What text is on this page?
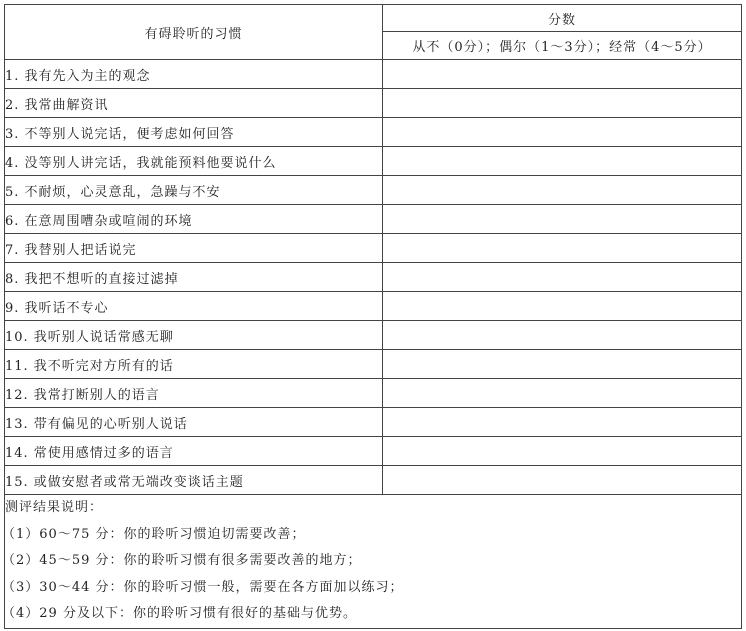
有碍聆听的习惯	分数
	从不（0分）；偶尔（1～3分）；经常（4～5分）
1. 我有先入为主的观念	
2. 我常曲解资讯	
3. 不等别人说完话，便考虑如何回答	
4. 没等别人讲完话，我就能预料他要说什么	
5. 不耐烦，心灵意乱，急躁与不安	
6. 在意周围嘈杂或喧闹的环境	
7. 我替别人把话说完	
8. 我把不想听的直接过滤掉	
9. 我听话不专心	
10. 我听别人说话常感无聊	
11. 我不听完对方所有的话	
12. 我常打断别人的语言	
13. 带有偏见的心听别人说话	
14. 常使用感情过多的语言	
15. 或做安慰者或常无端改变谈话主题	

测评结果说明：
（1）60～75 分：你的聆听习惯迫切需要改善；
（2）45～59 分：你的聆听习惯有很多需要改善的地方；
（3）30～44 分：你的聆听习惯一般，需要在各方面加以练习；
（4）29 分及以下：你的聆听习惯有很好的基础与优势。	
